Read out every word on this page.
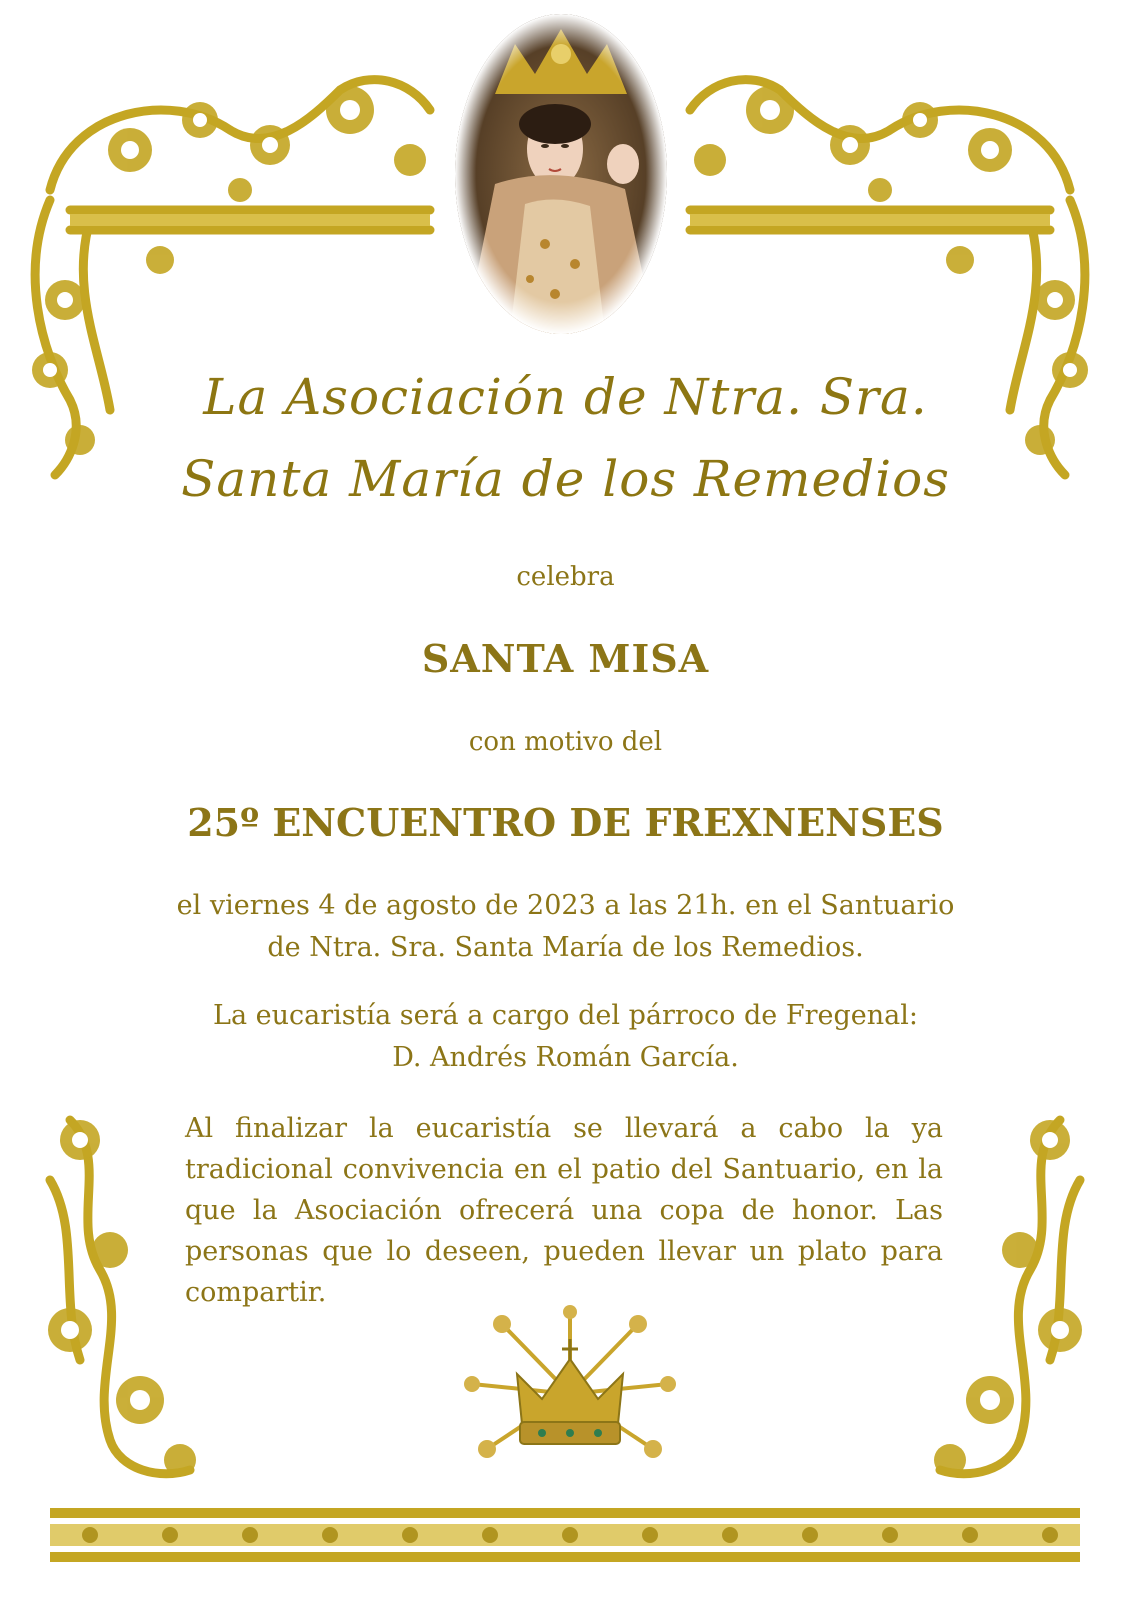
La Asociación de Ntra. Sra.
Santa María de los Remedios
celebra
SANTA MISA
con motivo del
25º ENCUENTRO DE FREXNENSES
el viernes 4 de agosto de 2023 a las 21h. en el Santuario
de Ntra. Sra. Santa María de los Remedios.
La eucaristía será a cargo del párroco de Fregenal:
D. Andrés Román García.
Al finalizar la eucaristía se llevará a cabo la ya tradicional convivencia en el patio del Santuario, en la que la Asociación ofrecerá una copa de honor. Las personas que lo deseen, pueden llevar un plato para compartir.
